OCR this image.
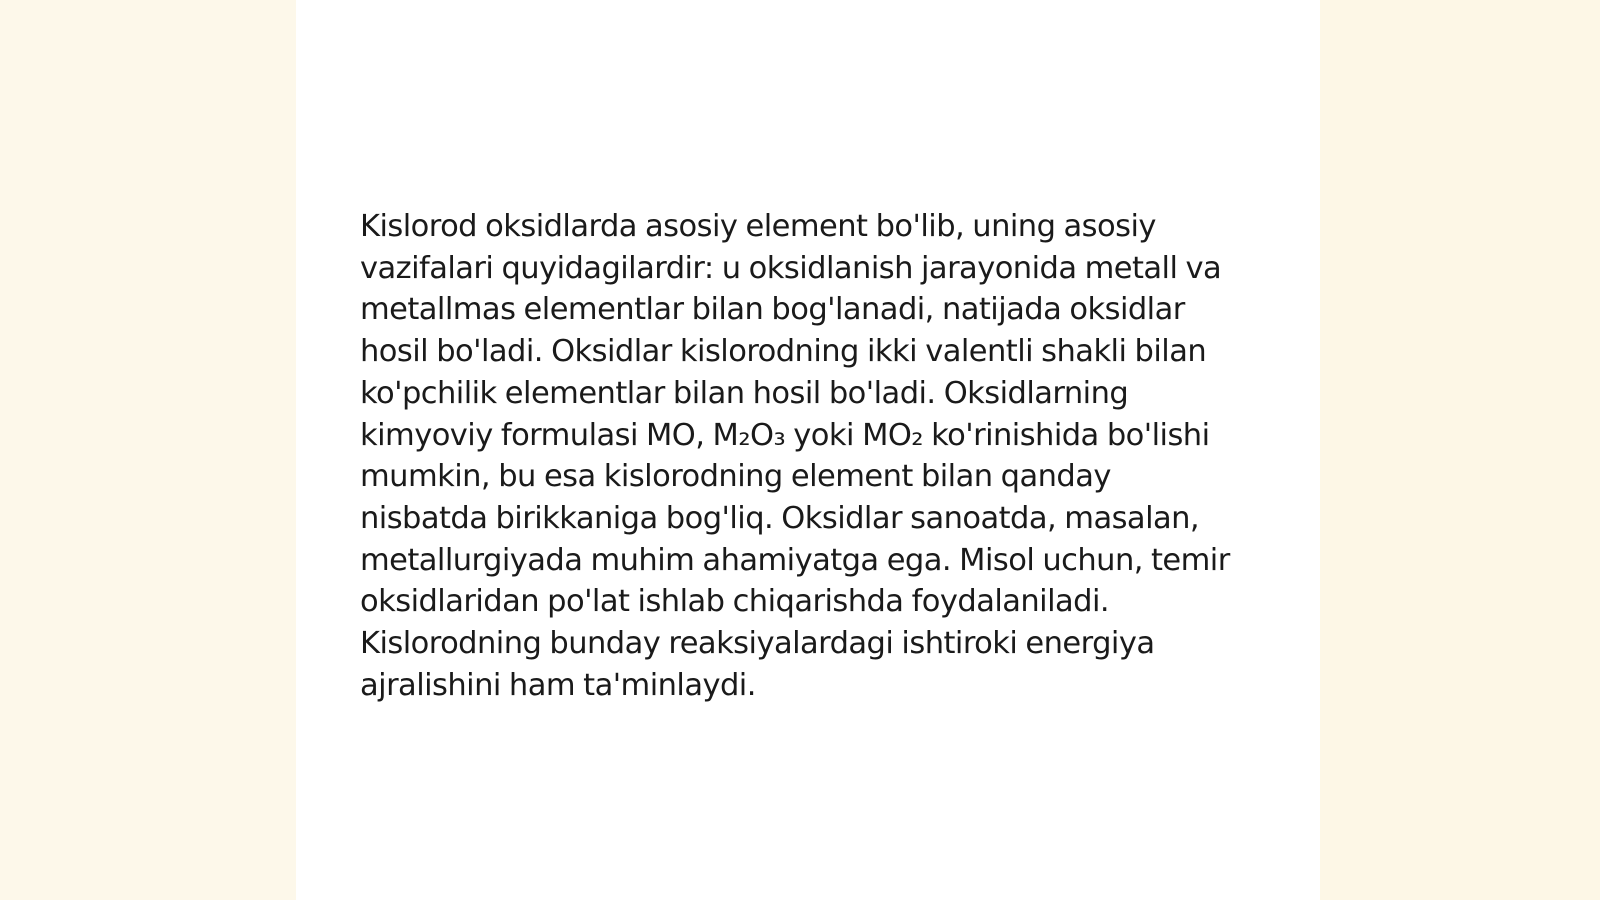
Kislorod oksidlarda asosiy element bo'lib, uning asosiy vazifalari quyidagilardir: u oksidlanish jarayonida metall va metallmas elementlar bilan bog'lanadi, natijada oksidlar hosil bo'ladi. Oksidlar kislorodning ikki valentli shakli bilan ko'pchilik elementlar bilan hosil bo'ladi. Oksidlarning kimyoviy formulasi MO, M₂O₃ yoki MO₂ ko'rinishida bo'lishi mumkin, bu esa kislorodning element bilan qanday nisbatda birikkaniga bog'liq. Oksidlar sanoatda, masalan, metallurgiyada muhim ahamiyatga ega. Misol uchun, temir oksidlaridan po'lat ishlab chiqarishda foydalaniladi. Kislorodning bunday reaksiyalardagi ishtiroki energiya ajralishini ham ta'minlaydi.
